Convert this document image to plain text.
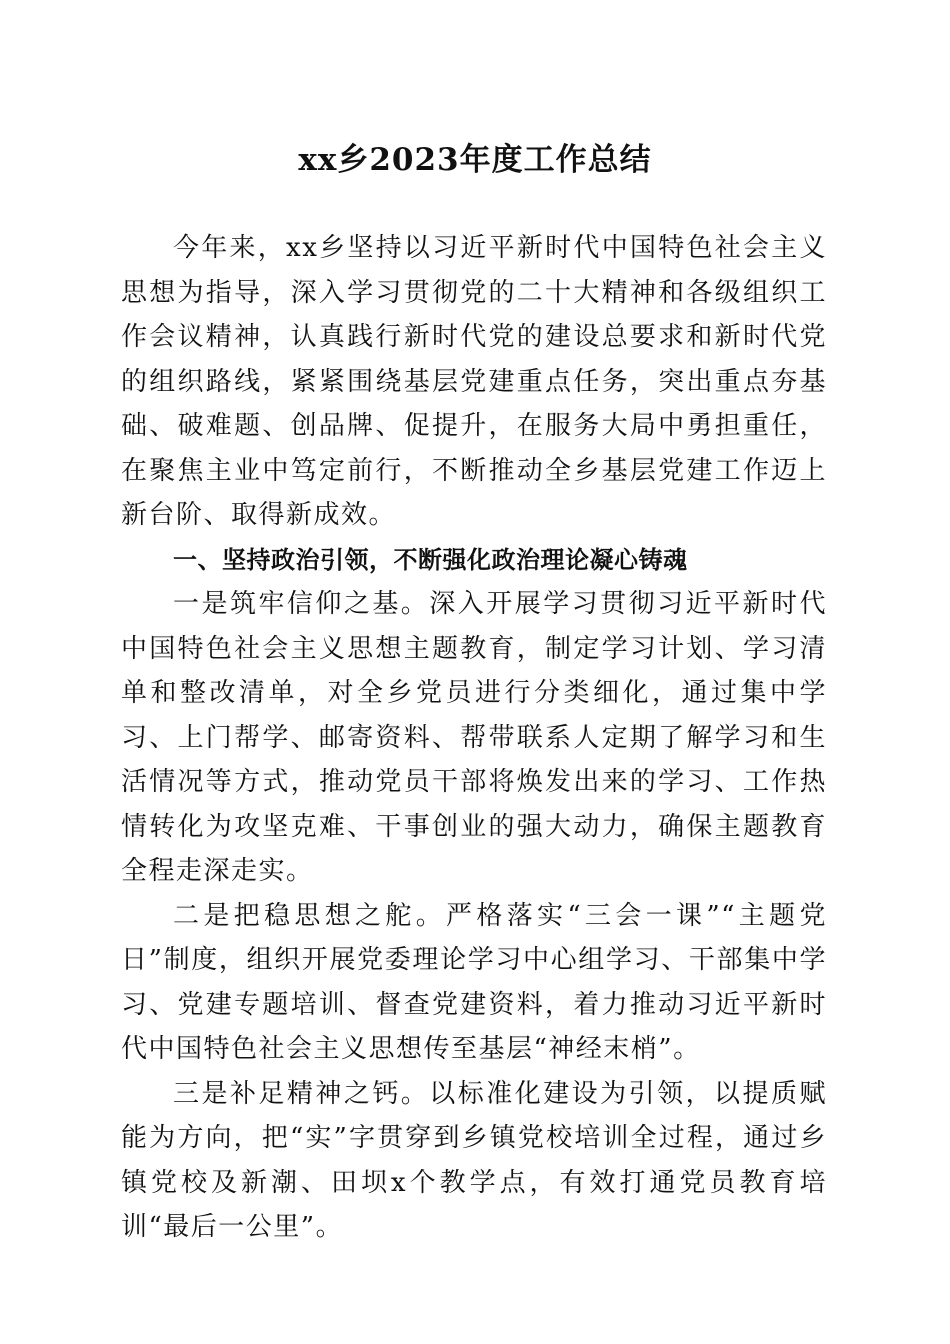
xx乡2023年度工作总结

今年来，xx乡坚持以习近平新时代中国特色社会主义思想为指导，深入学习贯彻党的二十大精神和各级组织工作会议精神，认真践行新时代党的建设总要求和新时代党的组织路线，紧紧围绕基层党建重点任务，突出重点夯基础、破难题、创品牌、促提升，在服务大局中勇担重任，在聚焦主业中笃定前行，不断推动全乡基层党建工作迈上新台阶、取得新成效。

一、坚持政治引领，不断强化政治理论凝心铸魂

一是筑牢信仰之基。深入开展学习贯彻习近平新时代中国特色社会主义思想主题教育，制定学习计划、学习清单和整改清单，对全乡党员进行分类细化，通过集中学习、上门帮学、邮寄资料、帮带联系人定期了解学习和生活情况等方式，推动党员干部将焕发出来的学习、工作热情转化为攻坚克难、干事创业的强大动力，确保主题教育全程走深走实。

二是把稳思想之舵。严格落实“三会一课”“主题党日”制度，组织开展党委理论学习中心组学习、干部集中学习、党建专题培训、督查党建资料，着力推动习近平新时代中国特色社会主义思想传至基层“神经末梢”。

三是补足精神之钙。以标准化建设为引领，以提质赋能为方向，把“实”字贯穿到乡镇党校培训全过程，通过乡镇党校及新潮、田坝x个教学点，有效打通党员教育培训“最后一公里”。
